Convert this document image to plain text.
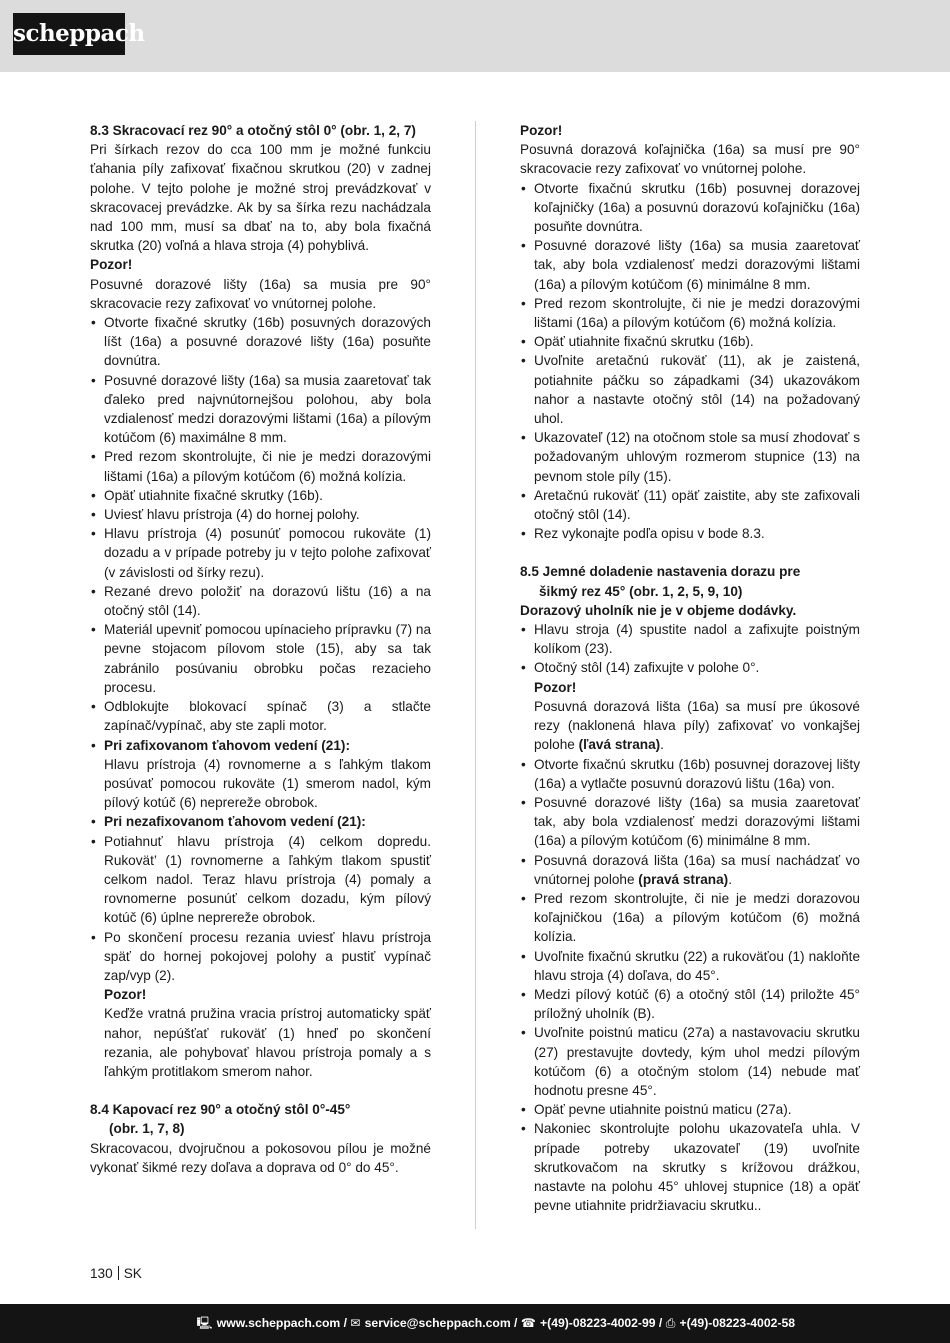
scheppach
8.3 Skracovací rez 90° a otočný stôl 0° (obr. 1, 2, 7)

Pri šírkach rezov do cca 100 mm je možné funkciu ťahania píly zafixovať fixačnou skrutkou (20) v zadnej polohe. V tejto polohe je možné stroj prevádzkovať v skracovacej prevádzke. Ak by sa šírka rezu nachádzala nad 100 mm, musí sa dbať na to, aby bola fixačná skrutka (20) voľná a hlava stroja (4) pohyblivá.

Pozor!

Posuvné dorazové lišty (16a) sa musia pre 90° skracovacie rezy zafixovať vo vnútornej polohe.

• Otvorte fixačné skrutky (16b) posuvných dorazových líšt (16a) a posuvné dorazové lišty (16a) posuňte dovnútra.
• Posuvné dorazové lišty (16a) sa musia zaaretovať tak ďaleko pred najvnútornejšou polohou, aby bola vzdialenosť medzi dorazovými lištami (16a) a pílovým kotúčom (6) maximálne 8 mm.
• Pred rezom skontrolujte, či nie je medzi dorazovými lištami (16a) a pílovým kotúčom (6) možná kolízia.
• Opäť utiahnite fixačné skrutky (16b).
• Uviesť hlavu prístroja (4) do hornej polohy.
• Hlavu prístroja (4) posunúť pomocou rukoväte (1) dozadu a v prípade potreby ju v tejto polohe zafixovať (v závislosti od šírky rezu).
• Rezané drevo položiť na dorazovú lištu (16) a na otočný stôl (14).
• Materiál upevniť pomocou upínacieho prípravku (7) na pevne stojacom pílovom stole (15), aby sa tak zabránilo posúvaniu obrobku počas rezacieho procesu.
• Odblokujte blokovací spínač (3) a stlačte zapínač/vypínač, aby ste zapli motor.
• Pri zafixovanom ťahovom vedení (21):
Hlavu prístroja (4) rovnomerne a s ľahkým tlakom posúvať pomocou rukoväte (1) smerom nadol, kým pílový kotúč (6) neprereže obrobok.
• Pri nezafixovanom ťahovom vedení (21):
• Potiahnuť hlavu prístroja (4) celkom dopredu. Rukovät’ (1) rovnomerne a ľahkým tlakom spustiť celkom nadol. Teraz hlavu prístroja (4) pomaly a rovnomerne posunúť celkom dozadu, kým pílový kotúč (6) úplne neprereže obrobok.
• Po skončení procesu rezania uviesť hlavu prístroja späť do hornej pokojovej polohy a pustiť vypínač zap/vyp (2).
Pozor!
Keďže vratná pružina vracia prístroj automaticky späť nahor, nepúšťať rukoväť (1) hneď po skončení rezania, ale pohybovať hlavou prístroja pomaly a s ľahkým protitlakom smerom nahor.
8.4 Kapovací rez 90° a otočný stôl 0°-45°
(obr. 1, 7, 8)

Skracovacou, dvojručnou a pokosovou pílou je možné vykonať šikmé rezy doľava a doprava od 0° do 45°.

Pozor!

Posuvná dorazová koľajnička (16a) sa musí pre 90° skracovacie rezy zafixovať vo vnútornej polohe.

• Otvorte fixačnú skrutku (16b) posuvnej dorazovej koľajničky (16a) a posuvnú dorazovú koľajničku (16a) posuňte dovnútra.
• Posuvné dorazové lišty (16a) sa musia zaaretovať tak, aby bola vzdialenosť medzi dorazovými lištami (16a) a pílovým kotúčom (6) minimálne 8 mm.
• Pred rezom skontrolujte, či nie je medzi dorazovými lištami (16a) a pílovým kotúčom (6) možná kolízia.
• Opäť utiahnite fixačnú skrutku (16b).
• Uvoľnite aretačnú rukoväť (11), ak je zaistená, potiahnite páčku so západkami (34) ukazovákom nahor a nastavte otočný stôl (14) na požadovaný uhol.
• Ukazovateľ (12) na otočnom stole sa musí zhodovať s požadovaným uhlovým rozmerom stupnice (13) na pevnom stole píly (15).
• Aretačnú rukoväť (11) opäť zaistite, aby ste zafixovali otočný stôl (14).
• Rez vykonajte podľa opisu v bode 8.3.
8.5 Jemné doladenie nastavenia dorazu pre
šikmý rez 45° (obr. 1, 2, 5, 9, 10)

Dorazový uholník nie je v objeme dodávky.

• Hlavu stroja (4) spustite nadol a zafixujte poistným kolíkom (23).
• Otočný stôl (14) zafixujte v polohe 0°.
Pozor!
Posuvná dorazová lišta (16a) sa musí pre úkosové rezy (naklonená hlava píly) zafixovať vo vonkajšej polohe (ľavá strana).
• Otvorte fixačnú skrutku (16b) posuvnej dorazovej lišty (16a) a vytlačte posuvnú dorazovú lištu (16a) von.
• Posuvné dorazové lišty (16a) sa musia zaaretovať tak, aby bola vzdialenosť medzi dorazovými lištami (16a) a pílovým kotúčom (6) minimálne 8 mm.
• Posuvná dorazová lišta (16a) sa musí nachádzať vo vnútornej polohe (pravá strana).
• Pred rezom skontrolujte, či nie je medzi dorazovou koľajničkou (16a) a pílovým kotúčom (6) možná kolízia.
• Uvoľnite fixačnú skrutku (22) a rukoväťou (1) nakloňte hlavu stroja (4) doľava, do 45°.
• Medzi pílový kotúč (6) a otočný stôl (14) priložte 45° príložný uholník (B).
• Uvoľnite poistnú maticu (27a) a nastavovaciu skrutku (27) prestavujte dovtedy, kým uhol medzi pílovým kotúčom (6) a otočným stolom (14) nebude mať hodnotu presne 45°.
• Opäť pevne utiahnite poistnú maticu (27a).
• Nakoniec skontrolujte polohu ukazovateľa uhla. V prípade potreby ukazovateľ (19) uvoľnite skrutkovačom na skrutky s krížovou drážkou, nastavte na polohu 45° uhlovej stupnice (18) a opäť pevne utiahnite pridržiavaciu skrutku..
130 SK
🖳 www.scheppach.com / ✉ service@scheppach.com / ☎ +(49)-08223-4002-99 / ⎙ +(49)-08223-4002-58
